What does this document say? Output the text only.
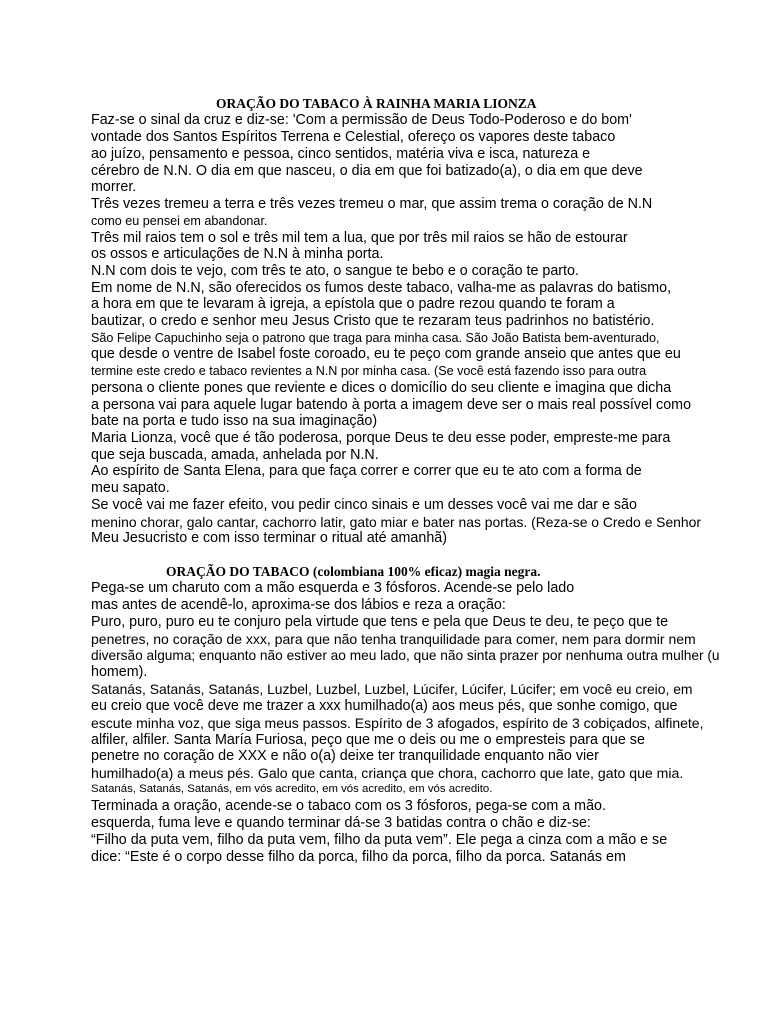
ORAÇÃO DO TABACO À RAINHA MARIA LIONZA
Faz-se o sinal da cruz e diz-se: 'Com a permissão de Deus Todo-Poderoso e do bom'
vontade dos Santos Espíritos Terrena e Celestial, ofereço os vapores deste tabaco
ao juízo, pensamento e pessoa, cinco sentidos, matéria viva e isca, natureza e
cérebro de N.N. O dia em que nasceu, o dia em que foi batizado(a), o dia em que deve
morrer.
Três vezes tremeu a terra e três vezes tremeu o mar, que assim trema o coração de N.N
como eu pensei em abandonar.
Três mil raios tem o sol e três mil tem a lua, que por três mil raios se hão de estourar
os ossos e articulações de N.N à minha porta.
N.N com dois te vejo, com três te ato, o sangue te bebo e o coração te parto.
Em nome de N.N, são oferecidos os fumos deste tabaco, valha-me as palavras do batismo,
a hora em que te levaram à igreja, a epístola que o padre rezou quando te foram a
bautizar, o credo e senhor meu Jesus Cristo que te rezaram teus padrinhos no batistério.
São Felipe Capuchinho seja o patrono que traga para minha casa. São João Batista bem-aventurado,
que desde o ventre de Isabel foste coroado, eu te peço com grande anseio que antes que eu
termine este credo e tabaco revientes a N.N por minha casa. (Se você está fazendo isso para outra
persona o cliente pones que reviente e dices o domicílio do seu cliente e imagina que dicha
a persona vai para aquele lugar batendo à porta a imagem deve ser o mais real possível como
bate na porta e tudo isso na sua imaginação)
Maria Lionza, você que é tão poderosa, porque Deus te deu esse poder, empreste-me para
que seja buscada, amada, anhelada por N.N.
Ao espírito de Santa Elena, para que faça correr e correr que eu te ato com a forma de
meu sapato.
Se você vai me fazer efeito, vou pedir cinco sinais e um desses você vai me dar e são
menino chorar, galo cantar, cachorro latir, gato miar e bater nas portas. (Reza-se o Credo e Senhor
Meu Jesucristo e com isso terminar o ritual até amanhã)
ORAÇÃO DO TABACO (colombiana 100% eficaz) magia negra.
Pega-se um charuto com a mão esquerda e 3 fósforos. Acende-se pelo lado
mas antes de acendê-lo, aproxima-se dos lábios e reza a oração:
Puro, puro, puro eu te conjuro pela virtude que tens e pela que Deus te deu, te peço que te
penetres, no coração de xxx, para que não tenha tranquilidade para comer, nem para dormir nem
diversão alguma; enquanto não estiver ao meu lado, que não sinta prazer por nenhuma outra mulher (u
homem).
Satanás, Satanás, Satanás, Luzbel, Luzbel, Luzbel, Lúcifer, Lúcifer, Lúcifer; em você eu creio, em
eu creio que você deve me trazer a xxx humilhado(a) aos meus pés, que sonhe comigo, que
escute minha voz, que siga meus passos. Espírito de 3 afogados, espírito de 3 cobiçados, alfinete,
alfiler, alfiler. Santa María Furiosa, peço que me o deis ou me o empresteis para que se
penetre no coração de XXX e não o(a) deixe ter tranquilidade enquanto não vier
humilhado(a) a meus pés. Galo que canta, criança que chora, cachorro que late, gato que mia.
Satanás, Satanás, Satanás, em vós acredito, em vós acredito, em vós acredito.
Terminada a oração, acende-se o tabaco com os 3 fósforos, pega-se com a mão.
esquerda, fuma leve e quando terminar dá-se 3 batidas contra o chão e diz-se:
“Filho da puta vem, filho da puta vem, filho da puta vem”. Ele pega a cinza com a mão e se
dice: “Este é o corpo desse filho da porca, filho da porca, filho da porca. Satanás em
